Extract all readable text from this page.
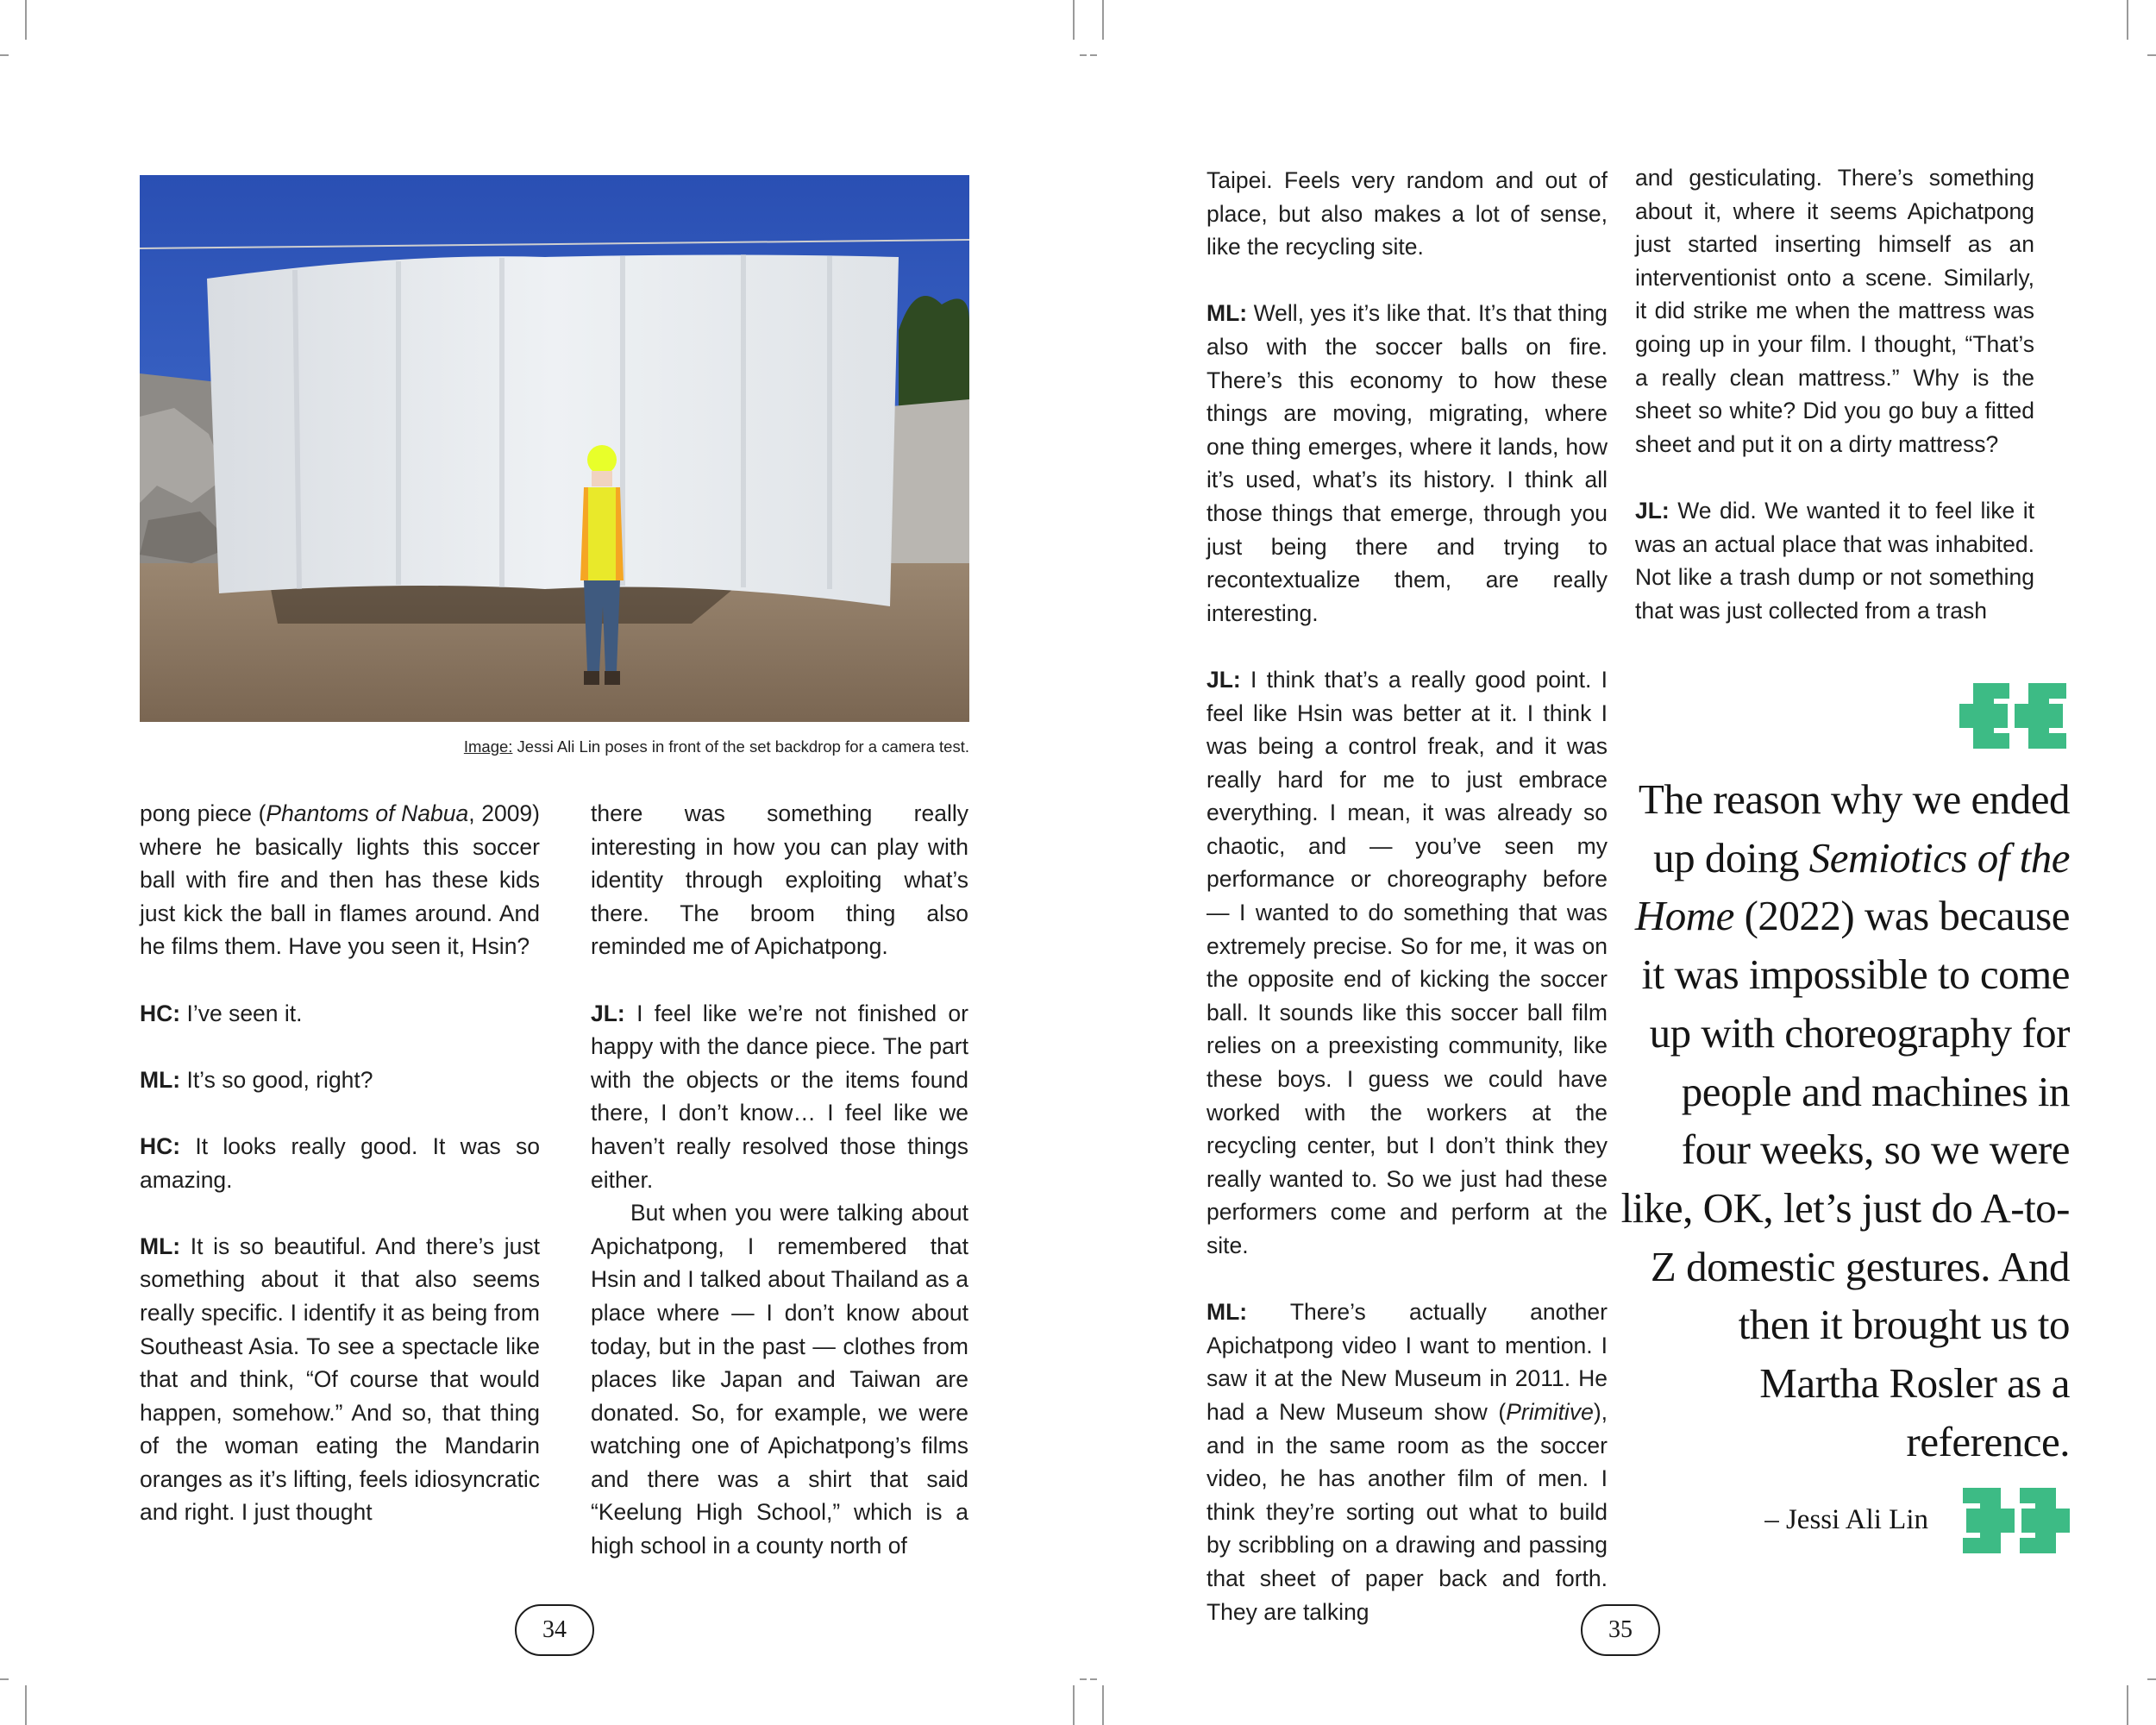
Image: Jessi Ali Lin poses in front of the set backdrop for a camera test.

pong piece (Phantoms of Nabua, 2009) where he basically lights this soccer ball with fire and then has these kids just kick the ball in flames around. And he films them. Have you seen it, Hsin?

HC: I’ve seen it.

ML: It’s so good, right?

HC: It looks really good. It was so amazing.

ML: It is so beautiful. And there’s just something about it that also seems really specific. I identify it as being from Southeast Asia. To see a spectacle like that and think, “Of course that would happen, somehow.” And so, that thing of the woman eating the Mandarin oranges as it’s lifting, feels idiosyncratic and right. I just thought

there was something really interesting in how you can play with identity through exploiting what’s there. The broom thing also reminded me of Apichatpong.

JL: I feel like we’re not finished or happy with the dance piece. The part with the objects or the items found there, I don’t know… I feel like we haven’t really resolved those things either.

But when you were talking about Apichatpong, I remembered that Hsin and I talked about Thailand as a place where — I don’t know about today, but in the past — clothes from places like Japan and Taiwan are donated. So, for example, we were watching one of Apichatpong’s films and there was a shirt that said “Keelung High School,” which is a high school in a county north of

Taipei. Feels very random and out of place, but also makes a lot of sense, like the recycling site.

ML: Well, yes it’s like that. It’s that thing also with the soccer balls on fire. There’s this economy to how these things are moving, migrating, where one thing emerges, where it lands, how it’s used, what’s its history. I think all those things that emerge, through you just being there and trying to recontextualize them, are really interesting.

JL: I think that’s a really good point. I feel like Hsin was better at it. I think I was being a control freak, and it was really hard for me to just embrace everything. I mean, it was already so chaotic, and — you’ve seen my performance or choreography before — I wanted to do something that was extremely precise. So for me, it was on the opposite end of kicking the soccer ball. It sounds like this soccer ball film relies on a preexisting community, like these boys. I guess we could have worked with the workers at the recycling center, but I don’t think they really wanted to. So we just had these performers come and perform at the site.

ML: There’s actually another Apichatpong video I want to mention. I saw it at the New Museum in 2011. He had a New Museum show (Primitive), and in the same room as the soccer video, he has another film of men. I think they’re sorting out what to build by scribbling on a drawing and passing that sheet of paper back and forth. They are talking

and gesticulating. There’s something about it, where it seems Apichatpong just started inserting himself as an interventionist onto a scene. Similarly, it did strike me when the mattress was going up in your film. I thought, “That’s a really clean mattress.” Why is the sheet so white? Did you go buy a fitted sheet and put it on a dirty mattress?

JL: We did. We wanted it to feel like it was an actual place that was inhabited. Not like a trash dump or not something that was just collected from a trash

The reason why we ended up doing Semiotics of the Home (2022) was because it was impossible to come up with choreography for people and machines in four weeks, so we were like, OK, let’s just do A-to-Z domestic gestures. And then it brought us to Martha Rosler as a reference.
– Jessi Ali Lin
34	35
